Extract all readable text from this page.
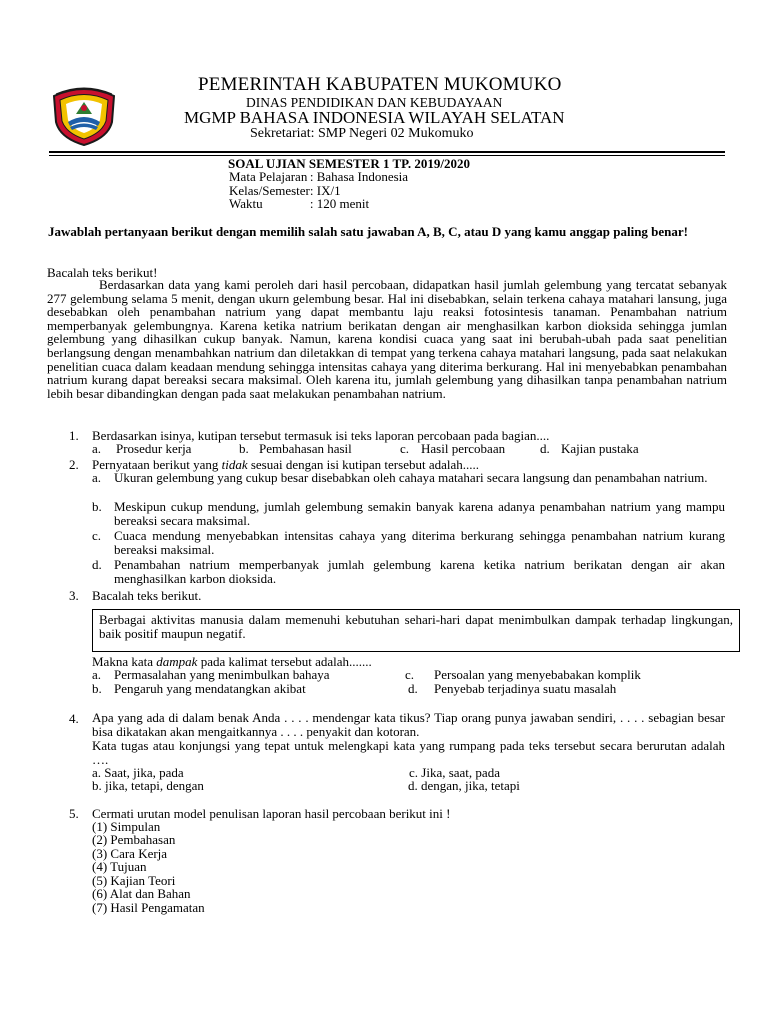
PEMERINTAH KABUPATEN MUKOMUKO
DINAS PENDIDIKAN DAN KEBUDAYAAN
MGMP BAHASA INDONESIA WILAYAH SELATAN
Sekretariat: SMP Negeri 02 Mukomuko
SOAL UJIAN SEMESTER 1 TP. 2019/2020
Mata Pelajaran	: Bahasa Indonesia
Kelas/Semester	: IX/1
Waktu	: 120 menit
Jawablah pertanyaan berikut dengan memilih salah satu jawaban A, B, C, atau D yang kamu anggap paling benar!
Bacalah teks berikut!
Berdasarkan data yang kami peroleh dari hasil percobaan, didapatkan hasil jumlah gelembung yang tercatat sebanyak 277 gelembung selama 5 menit, dengan ukurn gelembung besar. Hal ini disebabkan, selain terkena cahaya matahari lansung, juga desebabkan oleh penambahan natrium yang dapat membantu laju reaksi fotosintesis tanaman. Penambahan natrium memperbanyak gelembungnya. Karena ketika natrium berikatan dengan air menghasilkan karbon dioksida sehingga jumlan gelembung yang dihasilkan cukup banyak. Namun, karena kondisi cuaca yang saat ini berubah-ubah pada saat penelitian berlangsung dengan menambahkan natrium dan diletakkan di tempat yang terkena cahaya matahari langsung, pada saat nelakukan penelitian cuaca dalam keadaan mendung sehingga intensitas cahaya yang diterima berkurang. Hal ini menyebabkan penambahan natrium kurang dapat bereaksi secara maksimal. Oleh karena itu, jumlah gelembung yang dihasilkan tanpa penambahan natrium lebih besar dibandingkan dengan pada saat melakukan penambahan natrium.
1. Berdasarkan isinya, kutipan tersebut termasuk isi teks laporan percobaan pada bagian....
a. Prosedur kerja	b. Pembahasan hasil	c. Hasil percobaan	d. Kajian pustaka
2. Pernyataan berikut yang tidak sesuai dengan isi kutipan tersebut adalah.....
a. Ukuran gelembung yang cukup besar disebabkan oleh cahaya matahari secara langsung dan penambahan natrium.
b. Meskipun cukup mendung, jumlah gelembung semakin banyak karena adanya penambahan natrium yang mampu bereaksi secara maksimal.
c. Cuaca mendung menyebabkan intensitas cahaya yang diterima berkurang sehingga penambahan natrium kurang bereaksi maksimal.
d. Penambahan natrium memperbanyak jumlah gelembung karena ketika natrium berikatan dengan air akan menghasilkan karbon dioksida.
3. Bacalah teks berikut.
Berbagai aktivitas manusia dalam memenuhi kebutuhan sehari-hari dapat menimbulkan dampak terhadap lingkungan, baik positif maupun negatif.
Makna kata dampak pada kalimat tersebut adalah.......
a. Permasalahan yang menimbulkan bahaya	c. Persoalan yang menyebabakan komplik
b. Pengaruh yang mendatangkan akibat	d. Penyebab terjadinya suatu masalah
4. Apa yang ada di dalam benak Anda . . . . mendengar kata tikus? Tiap orang punya jawaban sendiri, . . . . sebagian besar bisa dikatakan akan mengaitkannya . . . . penyakit dan kotoran.
Kata tugas atau konjungsi yang tepat untuk melengkapi kata yang rumpang pada teks tersebut secara berurutan adalah ….
a. Saat, jika, pada	c. Jika, saat, pada
b. jika, tetapi, dengan	d. dengan, jika, tetapi
5. Cermati urutan model penulisan laporan hasil percobaan berikut ini !
(1) Simpulan
(2) Pembahasan
(3) Cara Kerja
(4) Tujuan
(5) Kajian Teori
(6) Alat dan Bahan
(7) Hasil Pengamatan
